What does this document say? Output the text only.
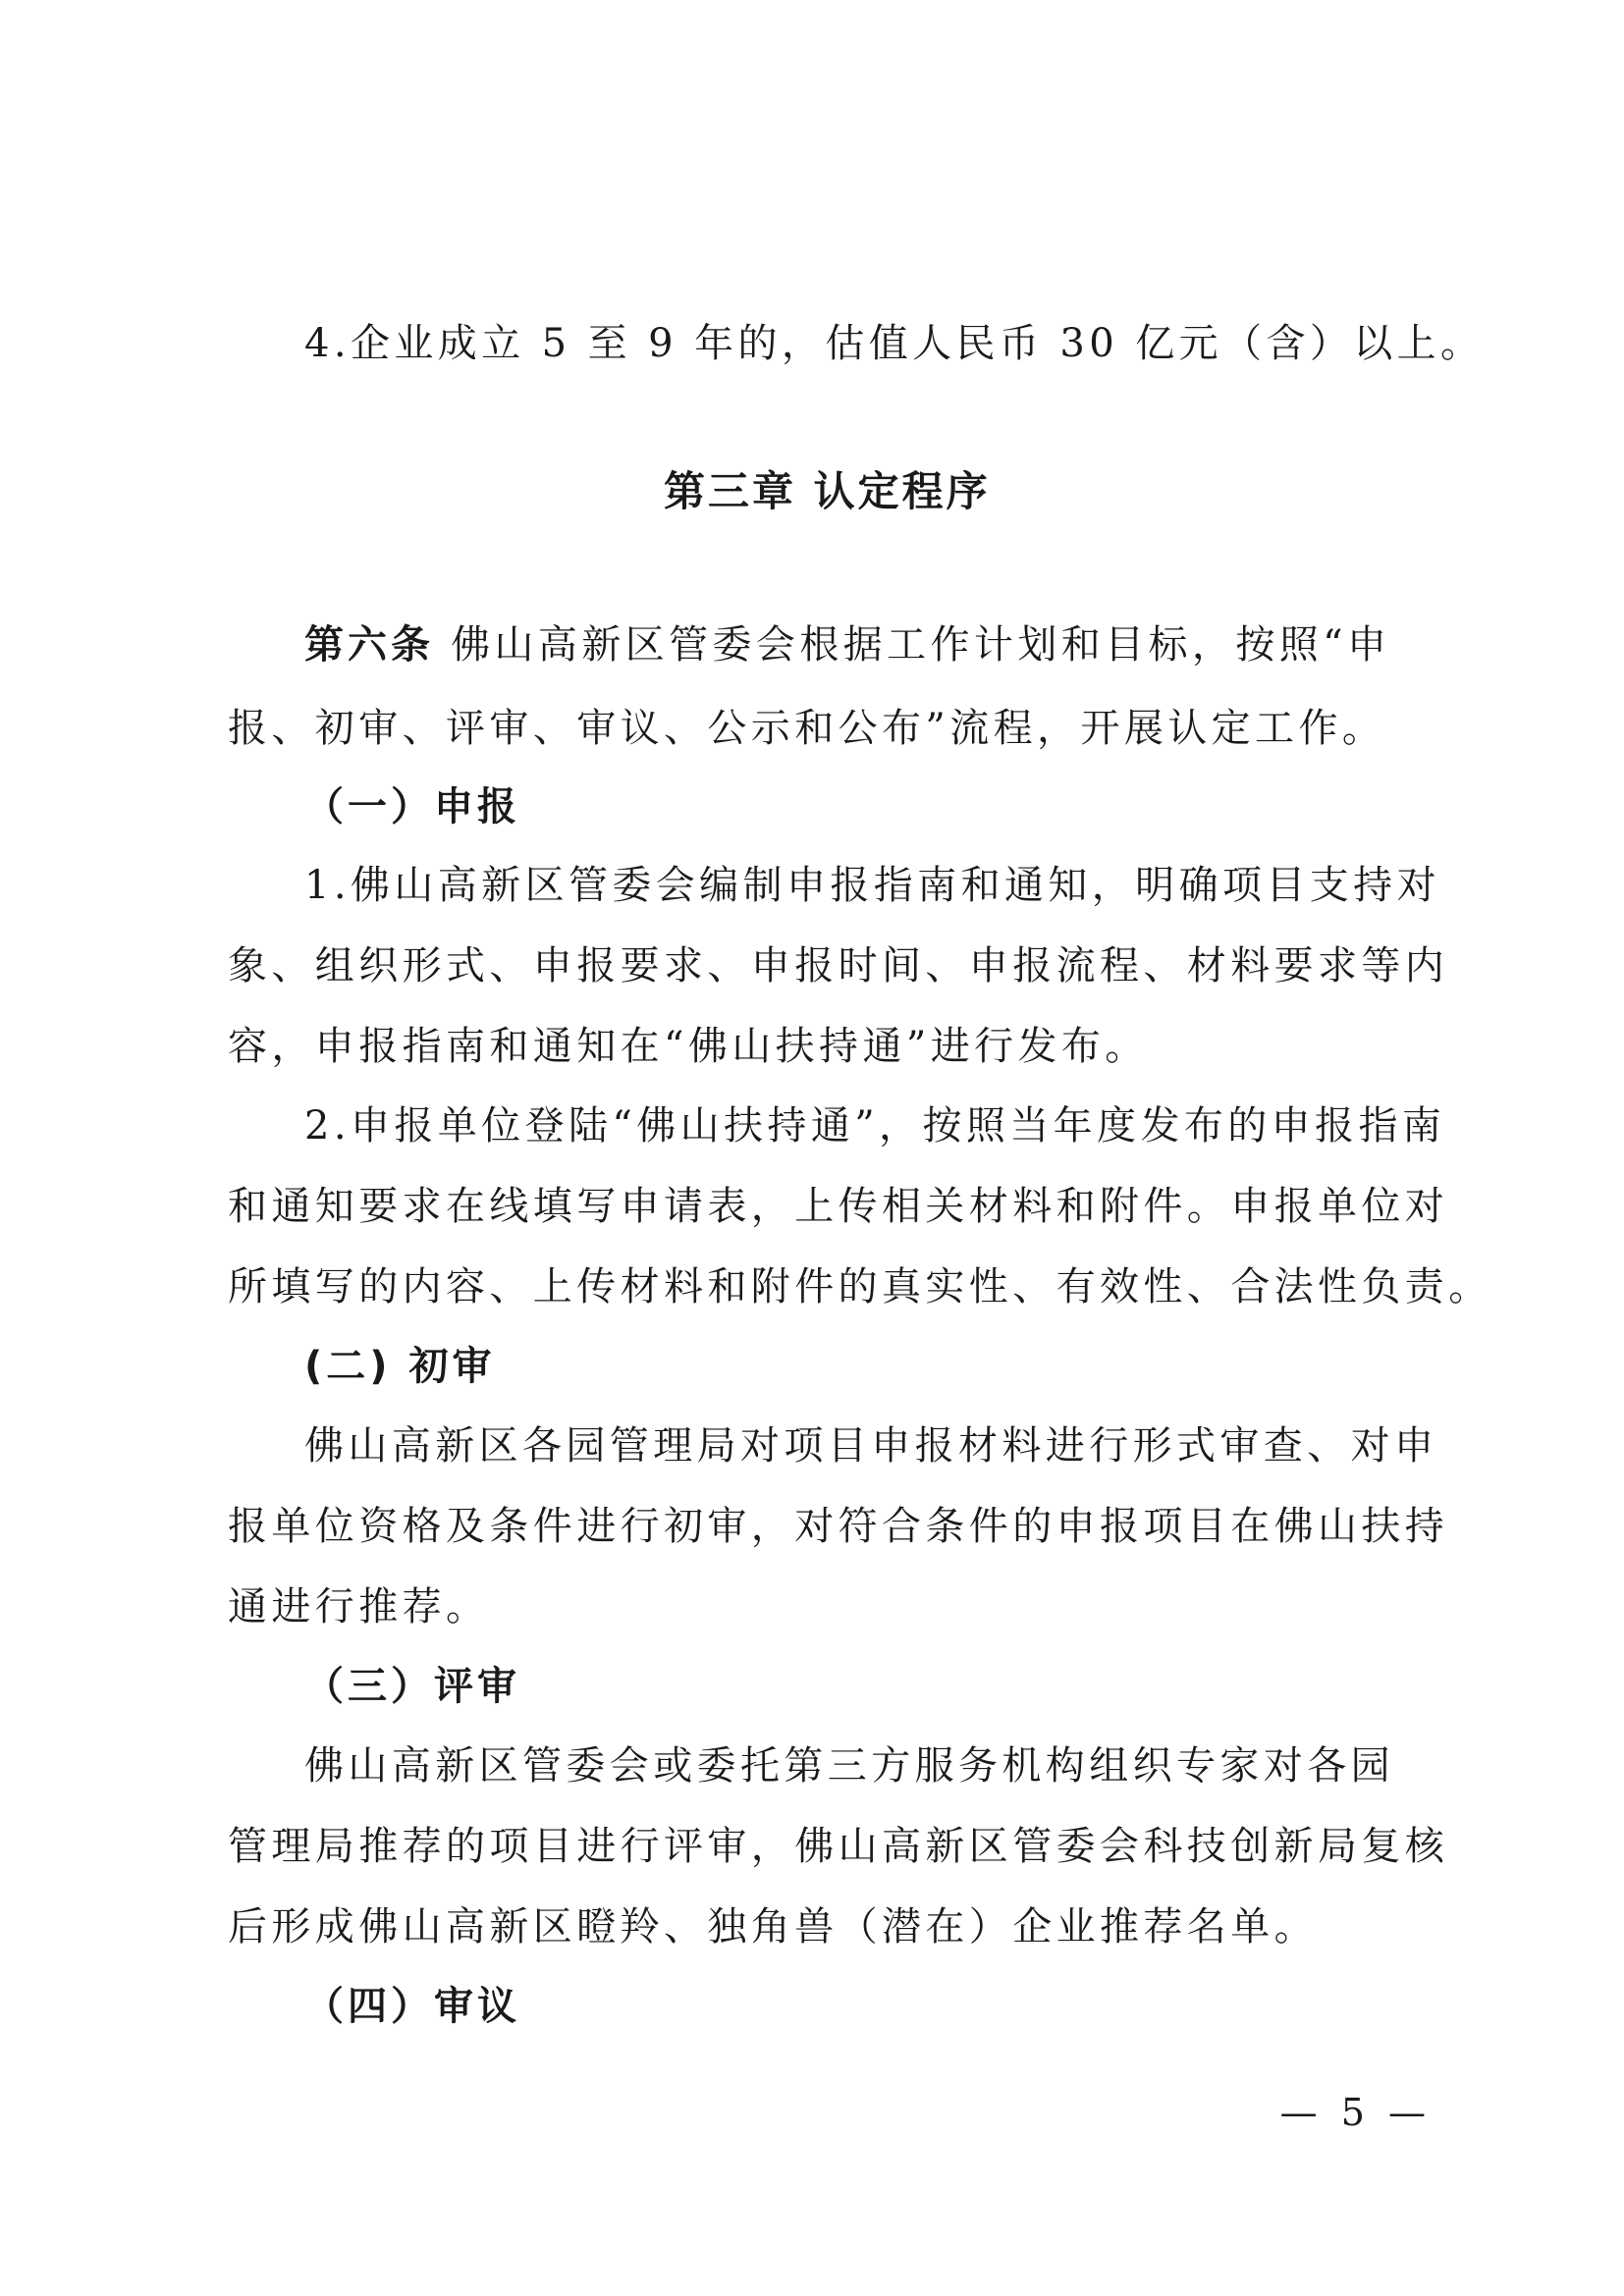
4.企业成立 5 至 9 年的，估值人民币 30 亿元（含）以上。
第三章 认定程序
第六条 佛山高新区管委会根据工作计划和目标，按照“申
报、初审、评审、审议、公示和公布”流程，开展认定工作。
（一）申报
1.佛山高新区管委会编制申报指南和通知，明确项目支持对
象、组织形式、申报要求、申报时间、申报流程、材料要求等内
容，申报指南和通知在“佛山扶持通”进行发布。
2.申报单位登陆“佛山扶持通”，按照当年度发布的申报指南
和通知要求在线填写申请表，上传相关材料和附件。申报单位对
所填写的内容、上传材料和附件的真实性、有效性、合法性负责。
(二) 初审
佛山高新区各园管理局对项目申报材料进行形式审查、对申
报单位资格及条件进行初审，对符合条件的申报项目在佛山扶持
通进行推荐。
（三）评审
佛山高新区管委会或委托第三方服务机构组织专家对各园
管理局推荐的项目进行评审，佛山高新区管委会科技创新局复核
后形成佛山高新区瞪羚、独角兽（潜在）企业推荐名单。
（四）审议
— 5 —
